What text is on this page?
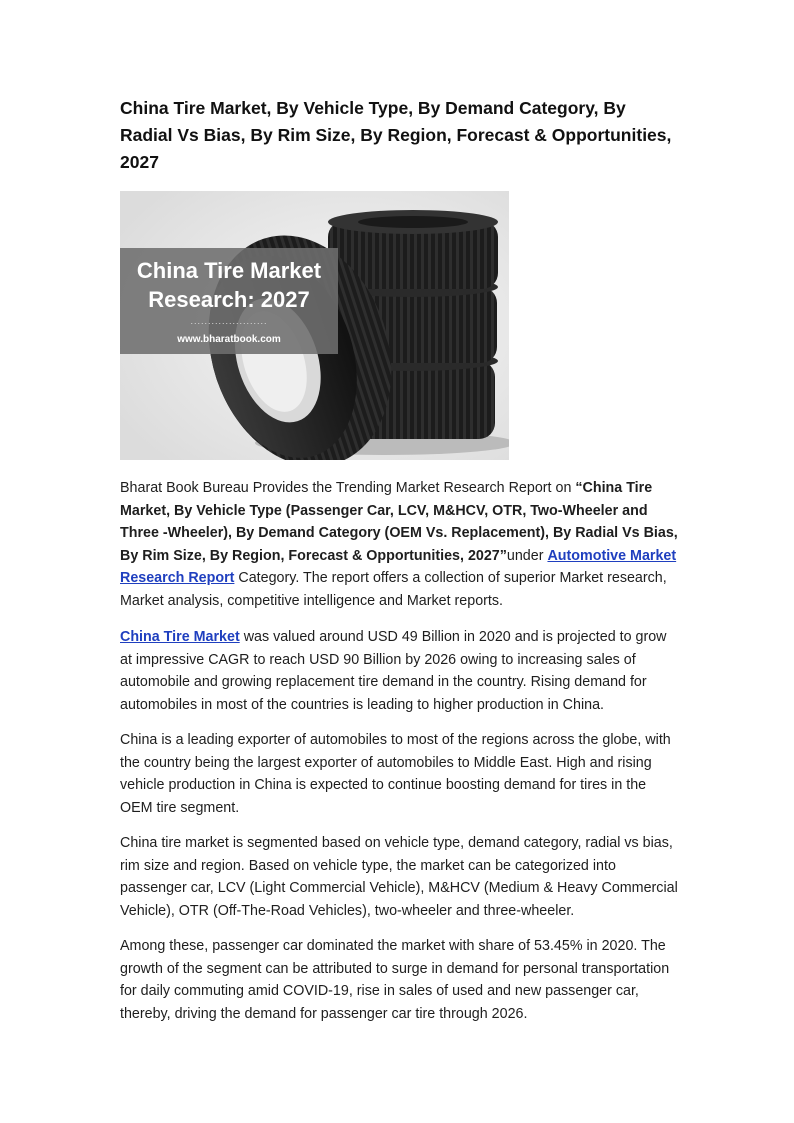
China Tire Market, By Vehicle Type, By Demand Category, By Radial Vs Bias, By Rim Size, By Region, Forecast & Opportunities, 2027
China Tire Market
Research: 2027
......................
www.bharatbook.com

Bharat Book Bureau Provides the Trending Market Research Report on “China Tire Market, By Vehicle Type (Passenger Car, LCV, M&HCV, OTR, Two-Wheeler and Three -Wheeler), By Demand Category (OEM Vs. Replacement), By Radial Vs Bias, By Rim Size, By Region, Forecast & Opportunities, 2027”under Automotive Market Research Report Category. The report offers a collection of superior Market research, Market analysis, competitive intelligence and Market reports.

China Tire Market was valued around USD 49 Billion in 2020 and is projected to grow at impressive CAGR to reach USD 90 Billion by 2026 owing to increasing sales of automobile and growing replacement tire demand in the country. Rising demand for automobiles in most of the countries is leading to higher production in China.

China is a leading exporter of automobiles to most of the regions across the globe, with the country being the largest exporter of automobiles to Middle East. High and rising vehicle production in China is expected to continue boosting demand for tires in the OEM tire segment.

China tire market is segmented based on vehicle type, demand category, radial vs bias, rim size and region. Based on vehicle type, the market can be categorized into passenger car, LCV (Light Commercial Vehicle), M&HCV (Medium & Heavy Commercial Vehicle), OTR (Off-The-Road Vehicles), two-wheeler and three-wheeler.

Among these, passenger car dominated the market with share of 53.45% in 2020. The growth of the segment can be attributed to surge in demand for personal transportation for daily commuting amid COVID-19, rise in sales of used and new passenger car, thereby, driving the demand for passenger car tire through 2026.
